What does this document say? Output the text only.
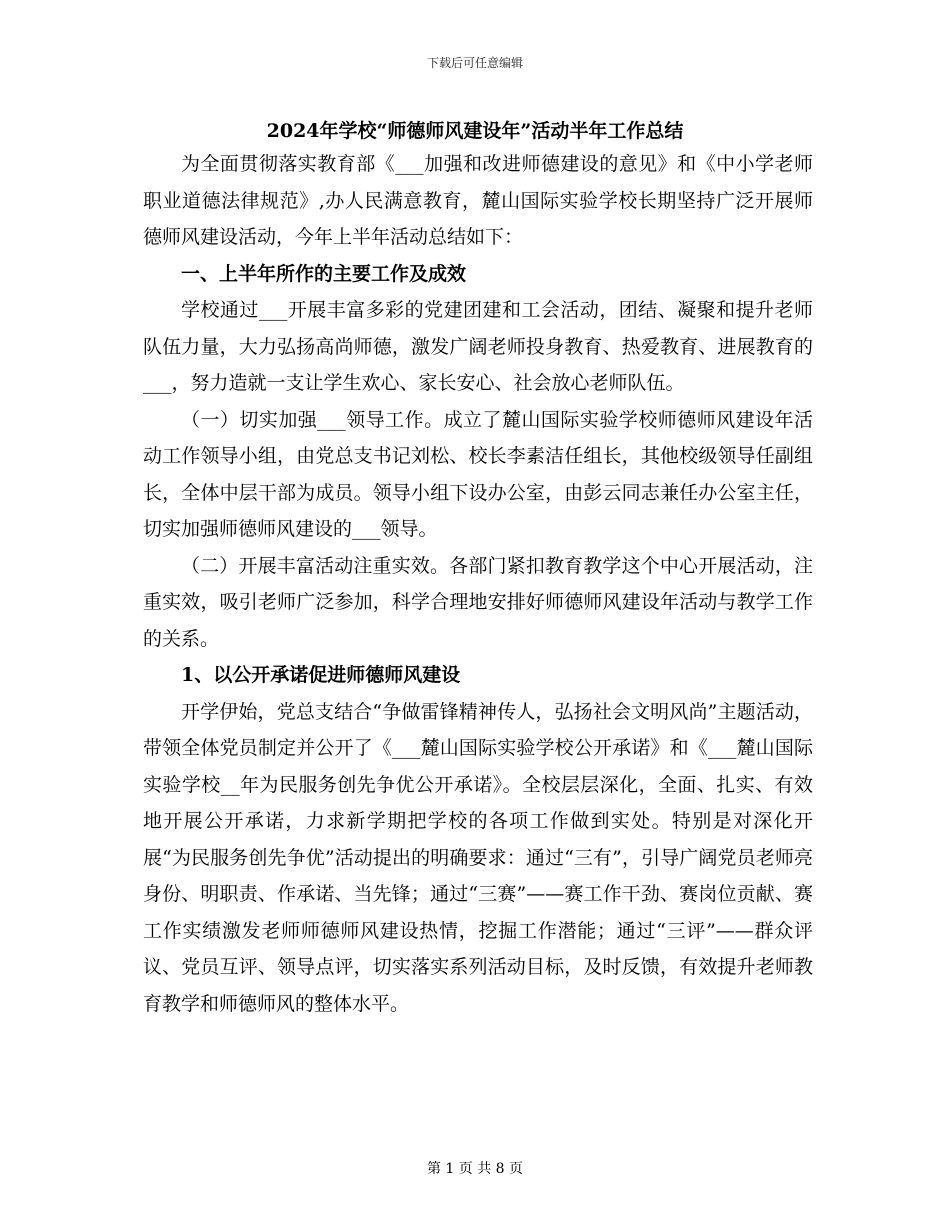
下载后可任意编辑
2024年学校“师德师风建设年”活动半年工作总结

为全面贯彻落实教育部《___加强和改进师德建设的意见》和《中小学老师职业道德法律规范》,办人民满意教育，麓山国际实验学校长期坚持广泛开展师德师风建设活动，今年上半年活动总结如下：

一、上半年所作的主要工作及成效

学校通过___开展丰富多彩的党建团建和工会活动，团结、凝聚和提升老师队伍力量，大力弘扬高尚师德，激发广阔老师投身教育、热爱教育、进展教育的___，努力造就一支让学生欢心、家长安心、社会放心老师队伍。

（一）切实加强___领导工作。成立了麓山国际实验学校师德师风建设年活动工作领导小组，由党总支书记刘松、校长李素洁任组长，其他校级领导任副组长，全体中层干部为成员。领导小组下设办公室，由彭云同志兼任办公室主任，切实加强师德师风建设的___领导。

（二）开展丰富活动注重实效。各部门紧扣教育教学这个中心开展活动，注重实效，吸引老师广泛参加，科学合理地安排好师德师风建设年活动与教学工作的关系。

1、以公开承诺促进师德师风建设

开学伊始，党总支结合“争做雷锋精神传人，弘扬社会文明风尚”主题活动，带领全体党员制定并公开了《___麓山国际实验学校公开承诺》和《___麓山国际实验学校__年为民服务创先争优公开承诺》。全校层层深化，全面、扎实、有效地开展公开承诺，力求新学期把学校的各项工作做到实处。特别是对深化开展“为民服务创先争优”活动提出的明确要求：通过“三有”，引导广阔党员老师亮身份、明职责、作承诺、当先锋；通过“三赛”——赛工作干劲、赛岗位贡献、赛工作实绩激发老师师德师风建设热情，挖掘工作潜能；通过“三评”——群众评议、党员互评、领导点评，切实落实系列活动目标，及时反馈，有效提升老师教育教学和师德师风的整体水平。

第 1 页 共 8 页
